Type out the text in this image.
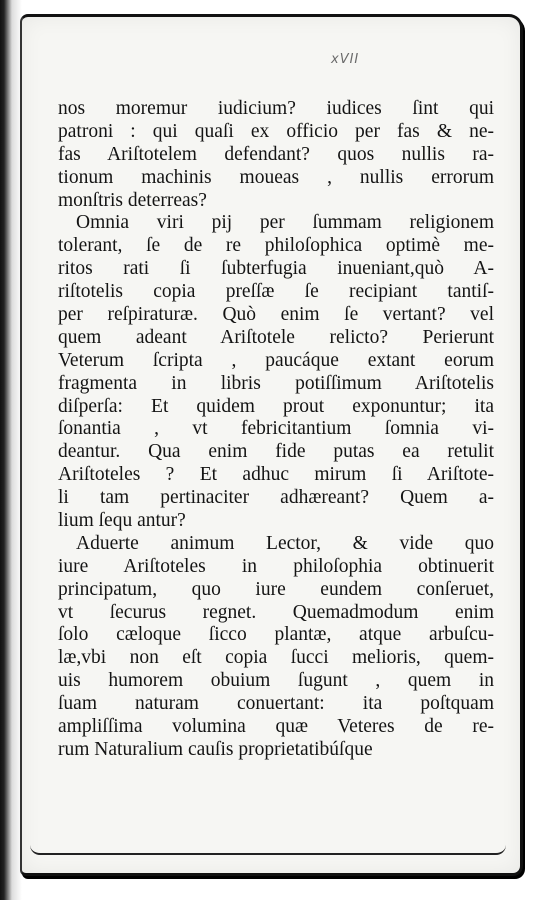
xVII
nos moremur iudicium? iudices ſint qui
patroni : qui quaſi ex officio per fas & ne-
fas Ariſtotelem defendant? quos nullis ra-
tionum machinis moueas , nullis errorum
monſtris deterreas?
Omnia viri pij per ſummam religionem
tolerant, ſe de re philoſophica optimè me-
ritos rati ſi ſubterfugia inueniant,quò A-
riſtotelis copia preſſæ ſe recipiant tantiſ-
per reſpiraturæ. Quò enim ſe vertant? vel
quem adeant Ariſtotele relicto? Perierunt
Veterum ſcripta , paucáque extant eorum
fragmenta in libris potiſſimum Ariſtotelis
diſperſa: Et quidem prout exponuntur; ita
ſonantia , vt febricitantium ſomnia vi-
deantur. Qua enim fide putas ea retulit
Ariſtoteles ? Et adhuc mirum ſi Ariſtote-
li tam pertinaciter adhæreant? Quem a-
lium ſequ antur?
Aduerte animum Lector, & vide quo
iure Ariſtoteles in philoſophia obtinuerit
principatum, quo iure eundem conſeruet,
vt ſecurus regnet. Quemadmodum enim
ſolo cæloque ſicco plantæ, atque arbuſcu-
læ,vbi non eſt copia ſucci melioris, quem-
uis humorem obuium ſugunt , quem in
ſuam naturam conuertant: ita poſtquam
ampliſſima volumina quæ Veteres de re-
rum Naturalium cauſis proprietatibúſque
